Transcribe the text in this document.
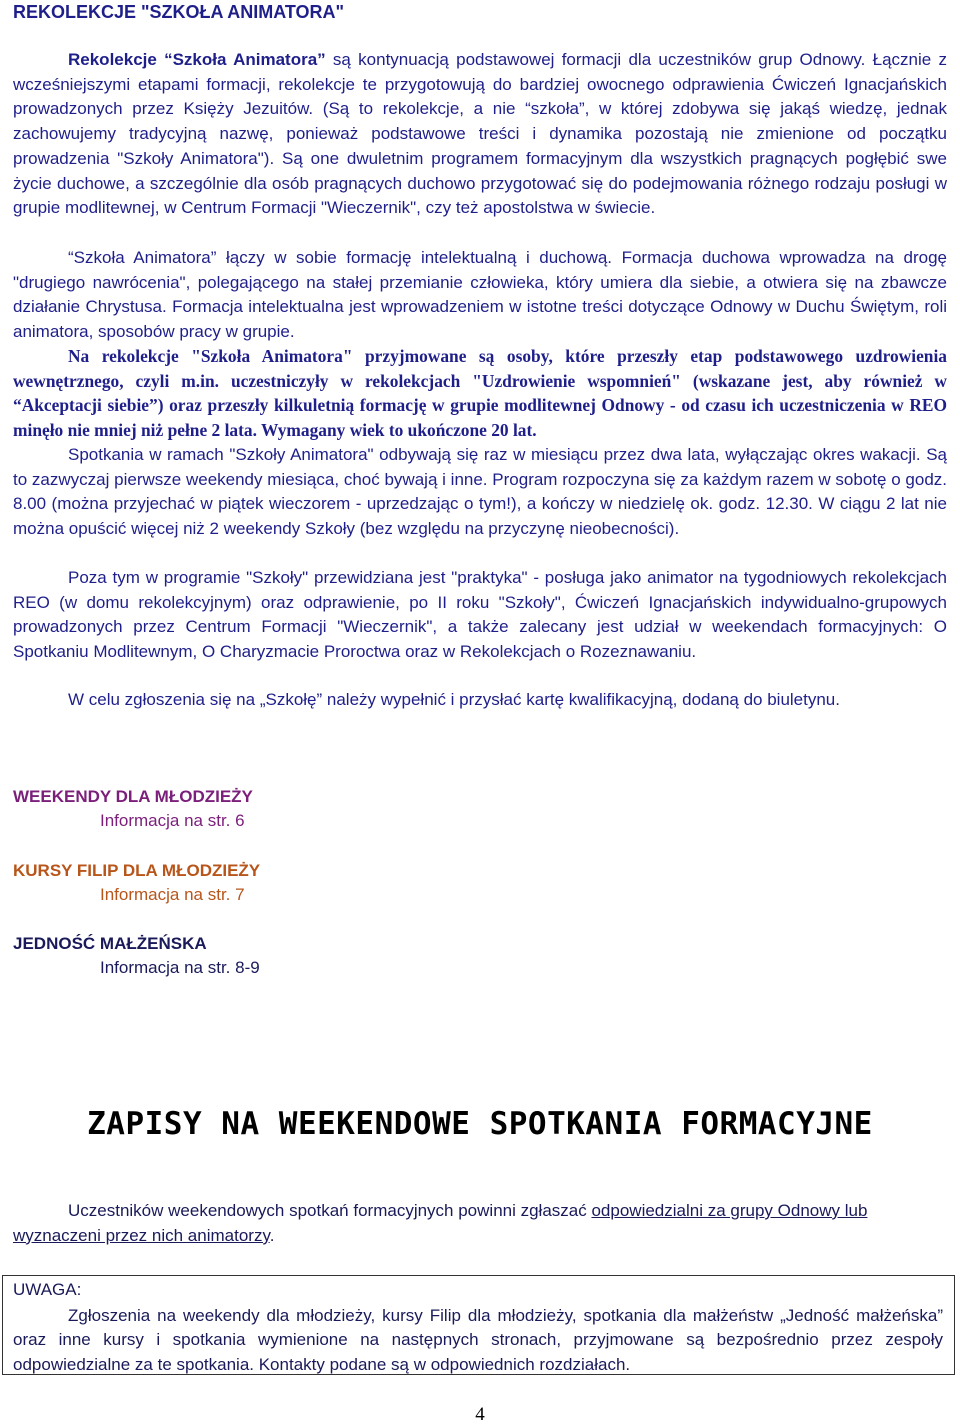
REKOLEKCJE "SZKOŁA ANIMATORA"

Rekolekcje “Szkoła Animatora” są kontynuacją podstawowej formacji dla uczestników grup Odnowy. Łącznie z wcześniejszymi etapami formacji, rekolekcje te przygotowują do bardziej owocnego odprawienia Ćwiczeń Ignacjańskich prowadzonych przez Księży Jezuitów. (Są to rekolekcje, a nie “szkoła”, w której zdobywa się jakąś wiedzę, jednak zachowujemy tradycyjną nazwę, ponieważ podstawowe treści i dynamika pozostają nie zmienione od początku prowadzenia "Szkoły Animatora"). Są one dwuletnim programem formacyjnym dla wszystkich pragnących pogłębić swe życie duchowe, a szczególnie dla osób pragnących duchowo przygotować się do podejmowania różnego rodzaju posługi w grupie modlitewnej, w Centrum Formacji "Wieczernik", czy też apostolstwa w świecie.

“Szkoła Animatora” łączy w sobie formację intelektualną i duchową. Formacja duchowa wprowadza na drogę "drugiego nawrócenia", polegającego na stałej przemianie człowieka, który umiera dla siebie, a otwiera się na zbawcze działanie Chrystusa. Formacja intelektualna jest wprowadzeniem w istotne treści dotyczące Odnowy w Duchu Świętym, roli animatora, sposobów pracy w grupie.

Na rekolekcje "Szkoła Animatora" przyjmowane są osoby, które przeszły etap podstawowego uzdrowienia wewnętrznego, czyli m.in. uczestniczyły w rekolekcjach "Uzdrowienie wspomnień" (wskazane jest, aby również w “Akceptacji siebie”) oraz przeszły kilkuletnią formację w grupie modlitewnej Odnowy - od czasu ich uczestniczenia w REO minęło nie mniej niż pełne 2 lata. Wymagany wiek to ukończone 20 lat.

Spotkania w ramach "Szkoły Animatora" odbywają się raz w miesiącu przez dwa lata, wyłączając okres wakacji. Są to zazwyczaj pierwsze weekendy miesiąca, choć bywają i inne. Program rozpoczyna się za każdym razem w sobotę o godz. 8.00 (można przyjechać w piątek wieczorem - uprzedzając o tym!), a kończy w niedzielę ok. godz. 12.30. W ciągu 2 lat nie można opuścić więcej niż 2 weekendy Szkoły (bez względu na przyczynę nieobecności).

Poza tym w programie "Szkoły" przewidziana jest "praktyka" - posługa jako animator na tygodniowych rekolekcjach REO (w domu rekolekcyjnym) oraz odprawienie, po II roku "Szkoły", Ćwiczeń Ignacjańskich indywidualno-grupowych prowadzonych przez Centrum Formacji "Wieczernik", a także zalecany jest udział w weekendach formacyjnych: O Spotkaniu Modlitewnym, O Charyzmacie Proroctwa oraz w Rekolekcjach o Rozeznawaniu.

W celu zgłoszenia się na „Szkołę” należy wypełnić i przysłać kartę kwalifikacyjną, dodaną do biuletynu.

WEEKENDY DLA MŁODZIEŻY

Informacja na str. 6

KURSY FILIP DLA MŁODZIEŻY

Informacja na str. 7

JEDNOŚĆ MAŁŻEŃSKA

Informacja na str. 8-9

ZAPISY NA WEEKENDOWE SPOTKANIA FORMACYJNE

Uczestników weekendowych spotkań formacyjnych powinni zgłaszać odpowiedzialni za grupy Odnowy lub wyznaczeni przez nich animatorzy.

UWAGA:

Zgłoszenia na weekendy dla młodzieży, kursy Filip dla młodzieży, spotkania dla małżeństw „Jedność małżeńska” oraz inne kursy i spotkania wymienione na następnych stronach, przyjmowane są bezpośrednio przez zespoły odpowiedzialne za te spotkania. Kontakty podane są w odpowiednich rozdziałach.

4
